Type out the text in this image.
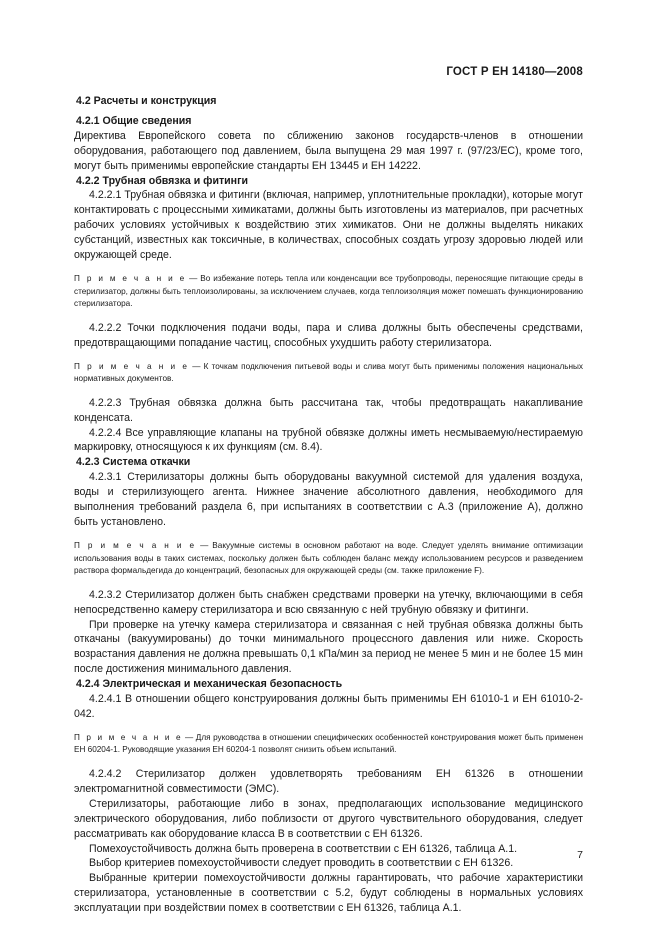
ГОСТ Р ЕН 14180—2008
4.2 Расчеты и конструкция
4.2.1 Общие сведения

Директива Европейского совета по сближению законов государств-членов в отношении оборудования, работающего под давлением, была выпущена 29 мая 1997 г. (97/23/ЕС), кроме того, могут быть применимы европейские стандарты ЕН 13445 и ЕН 14222.

4.2.2 Трубная обвязка и фитинги

4.2.2.1 Трубная обвязка и фитинги (включая, например, уплотнительные прокладки), которые могут контактировать с процессными химикатами, должны быть изготовлены из материалов, при расчетных рабочих условиях устойчивых к воздействию этих химикатов. Они не должны выделять никаких субстанций, известных как токсичные, в количествах, способных создать угрозу здоровью людей или окружающей среде.

П р и м е ч а н и е — Во избежание потерь тепла или конденсации все трубопроводы, переносящие питающие среды в стерилизатор, должны быть теплоизолированы, за исключением случаев, когда теплоизоляция может помешать функционированию стерилизатора.

4.2.2.2 Точки подключения подачи воды, пара и слива должны быть обеспечены средствами, предотвращающими попадание частиц, способных ухудшить работу стерилизатора.

П р и м е ч а н и е — К точкам подключения питьевой воды и слива могут быть применимы положения национальных нормативных документов.

4.2.2.3 Трубная обвязка должна быть рассчитана так, чтобы предотвращать накапливание конденсата.

4.2.2.4 Все управляющие клапаны на трубной обвязке должны иметь несмываемую/нестираемую маркировку, относящуюся к их функциям (см. 8.4).

4.2.3 Система откачки

4.2.3.1 Стерилизаторы должны быть оборудованы вакуумной системой для удаления воздуха, воды и стерилизующего агента. Нижнее значение абсолютного давления, необходимого для выполнения требований раздела 6, при испытаниях в соответствии с А.3 (приложение А), должно быть установлено.

П р и м е ч а н и е — Вакуумные системы в основном работают на воде. Следует уделять внимание оптимизации использования воды в таких системах, поскольку должен быть соблюден баланс между использованием ресурсов и разведением раствора формальдегида до концентраций, безопасных для окружающей среды (см. также приложение F).

4.2.3.2 Стерилизатор должен быть снабжен средствами проверки на утечку, включающими в себя непосредственно камеру стерилизатора и всю связанную с ней трубную обвязку и фитинги.

При проверке на утечку камера стерилизатора и связанная с ней трубная обвязка должны быть откачаны (вакуумированы) до точки минимального процессного давления или ниже. Скорость возрастания давления не должна превышать 0,1 кПа/мин за период не менее 5 мин и не более 15 мин после достижения минимального давления.

4.2.4 Электрическая и механическая безопасность

4.2.4.1 В отношении общего конструирования должны быть применимы ЕН 61010-1 и ЕН 61010-2-042.

П р и м е ч а н и е — Для руководства в отношении специфических особенностей конструирования может быть применен ЕН 60204-1. Руководящие указания ЕН 60204-1 позволят снизить объем испытаний.

4.2.4.2 Стерилизатор должен удовлетворять требованиям ЕН 61326 в отношении электромагнитной совместимости (ЭМС).

Стерилизаторы, работающие либо в зонах, предполагающих использование медицинского электрического оборудования, либо поблизости от другого чувствительного оборудования, следует рассматривать как оборудование класса В в соответствии с ЕН 61326.

Помехоустойчивость должна быть проверена в соответствии с ЕН 61326, таблица А.1.

Выбор критериев помехоустойчивости следует проводить в соответствии с ЕН 61326.

Выбранные критерии помехоустойчивости должны гарантировать, что рабочие характеристики стерилизатора, установленные в соответствии с 5.2, будут соблюдены в нормальных условиях эксплуатации при воздействии помех в соответствии с ЕН 61326, таблица А.1.

7
